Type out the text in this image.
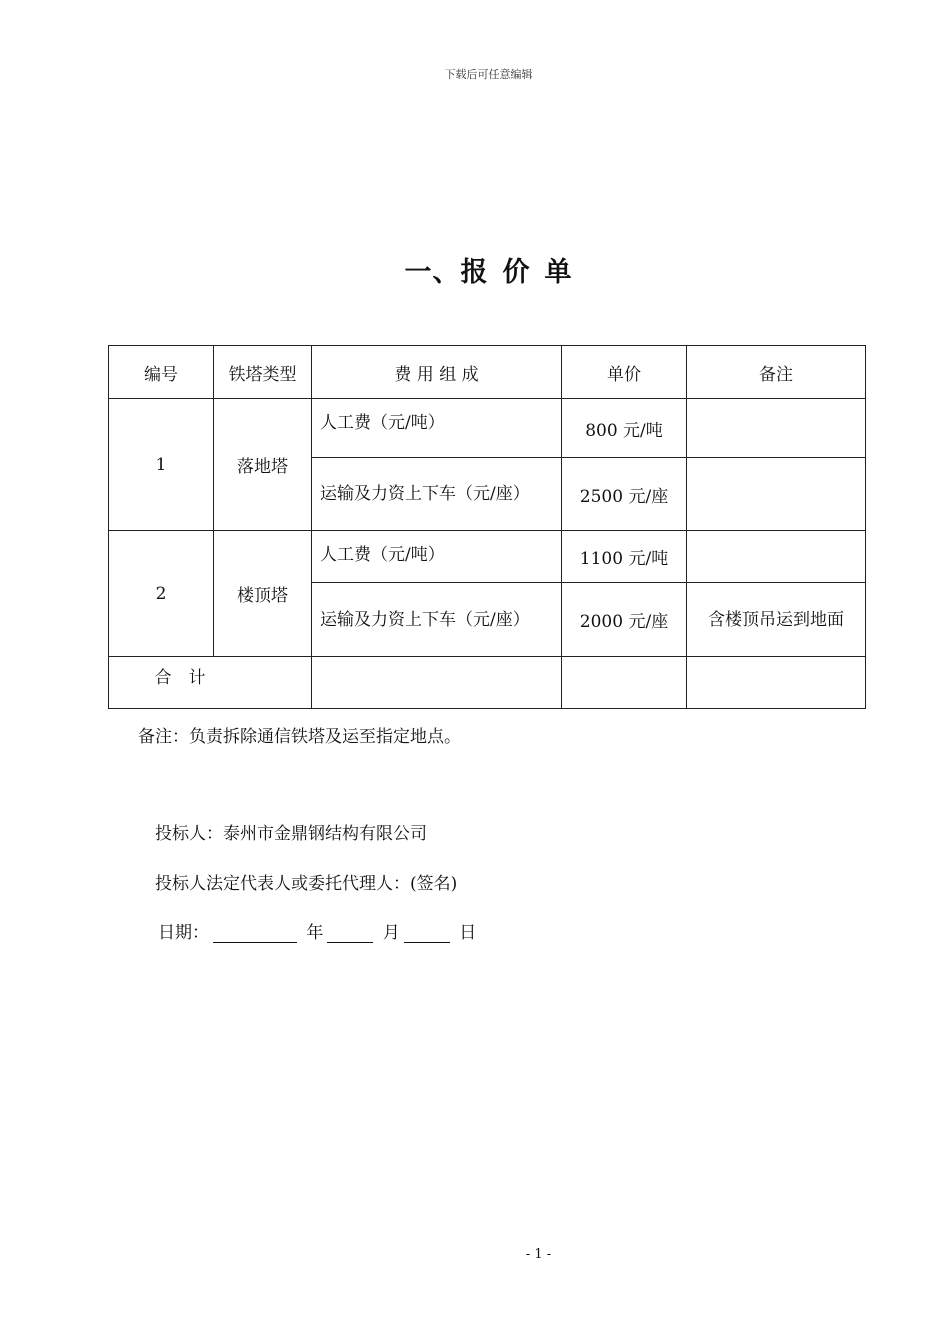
下载后可任意编辑
一、报 价 单
编号	铁塔类型	费 用 组 成	单价	备注
1	落地塔	人工费（元/吨）	800 元/吨	
		运输及力资上下车（元/座）	2500 元/座	
2	楼顶塔	人工费（元/吨）	1100 元/吨	
		运输及力资上下车（元/座）	2000 元/座	含楼顶吊运到地面
合　计				
备注：负责拆除通信铁塔及运至指定地点。
投标人：泰州市金鼎钢结构有限公司
投标人法定代表人或委托代理人：(签名)
日期：	年	月	日
- 1 -
